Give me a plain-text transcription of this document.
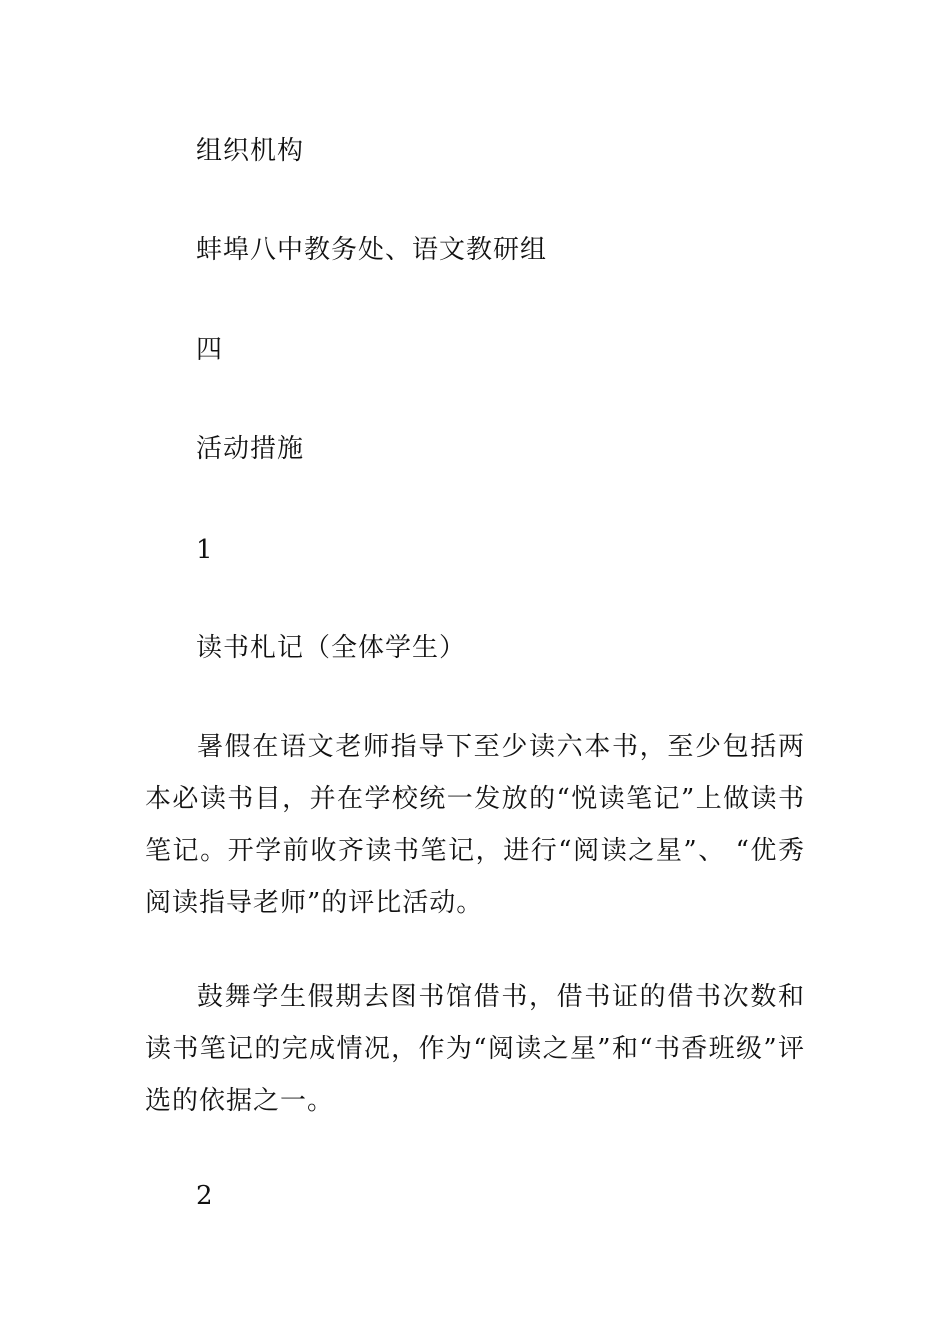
组织机构
蚌埠八中教务处、语文教研组
四
活动措施
1
读书札记（全体学生）
暑假在语文老师指导下至少读六本书，至少包括两本必读书目，并在学校统一发放的“悦读笔记”上做读书笔记。开学前收齐读书笔记，进行“阅读之星”、 “优秀阅读指导老师”的评比活动。
鼓舞学生假期去图书馆借书，借书证的借书次数和读书笔记的完成情况，作为“阅读之星”和“书香班级”评选的依据之一。
2
